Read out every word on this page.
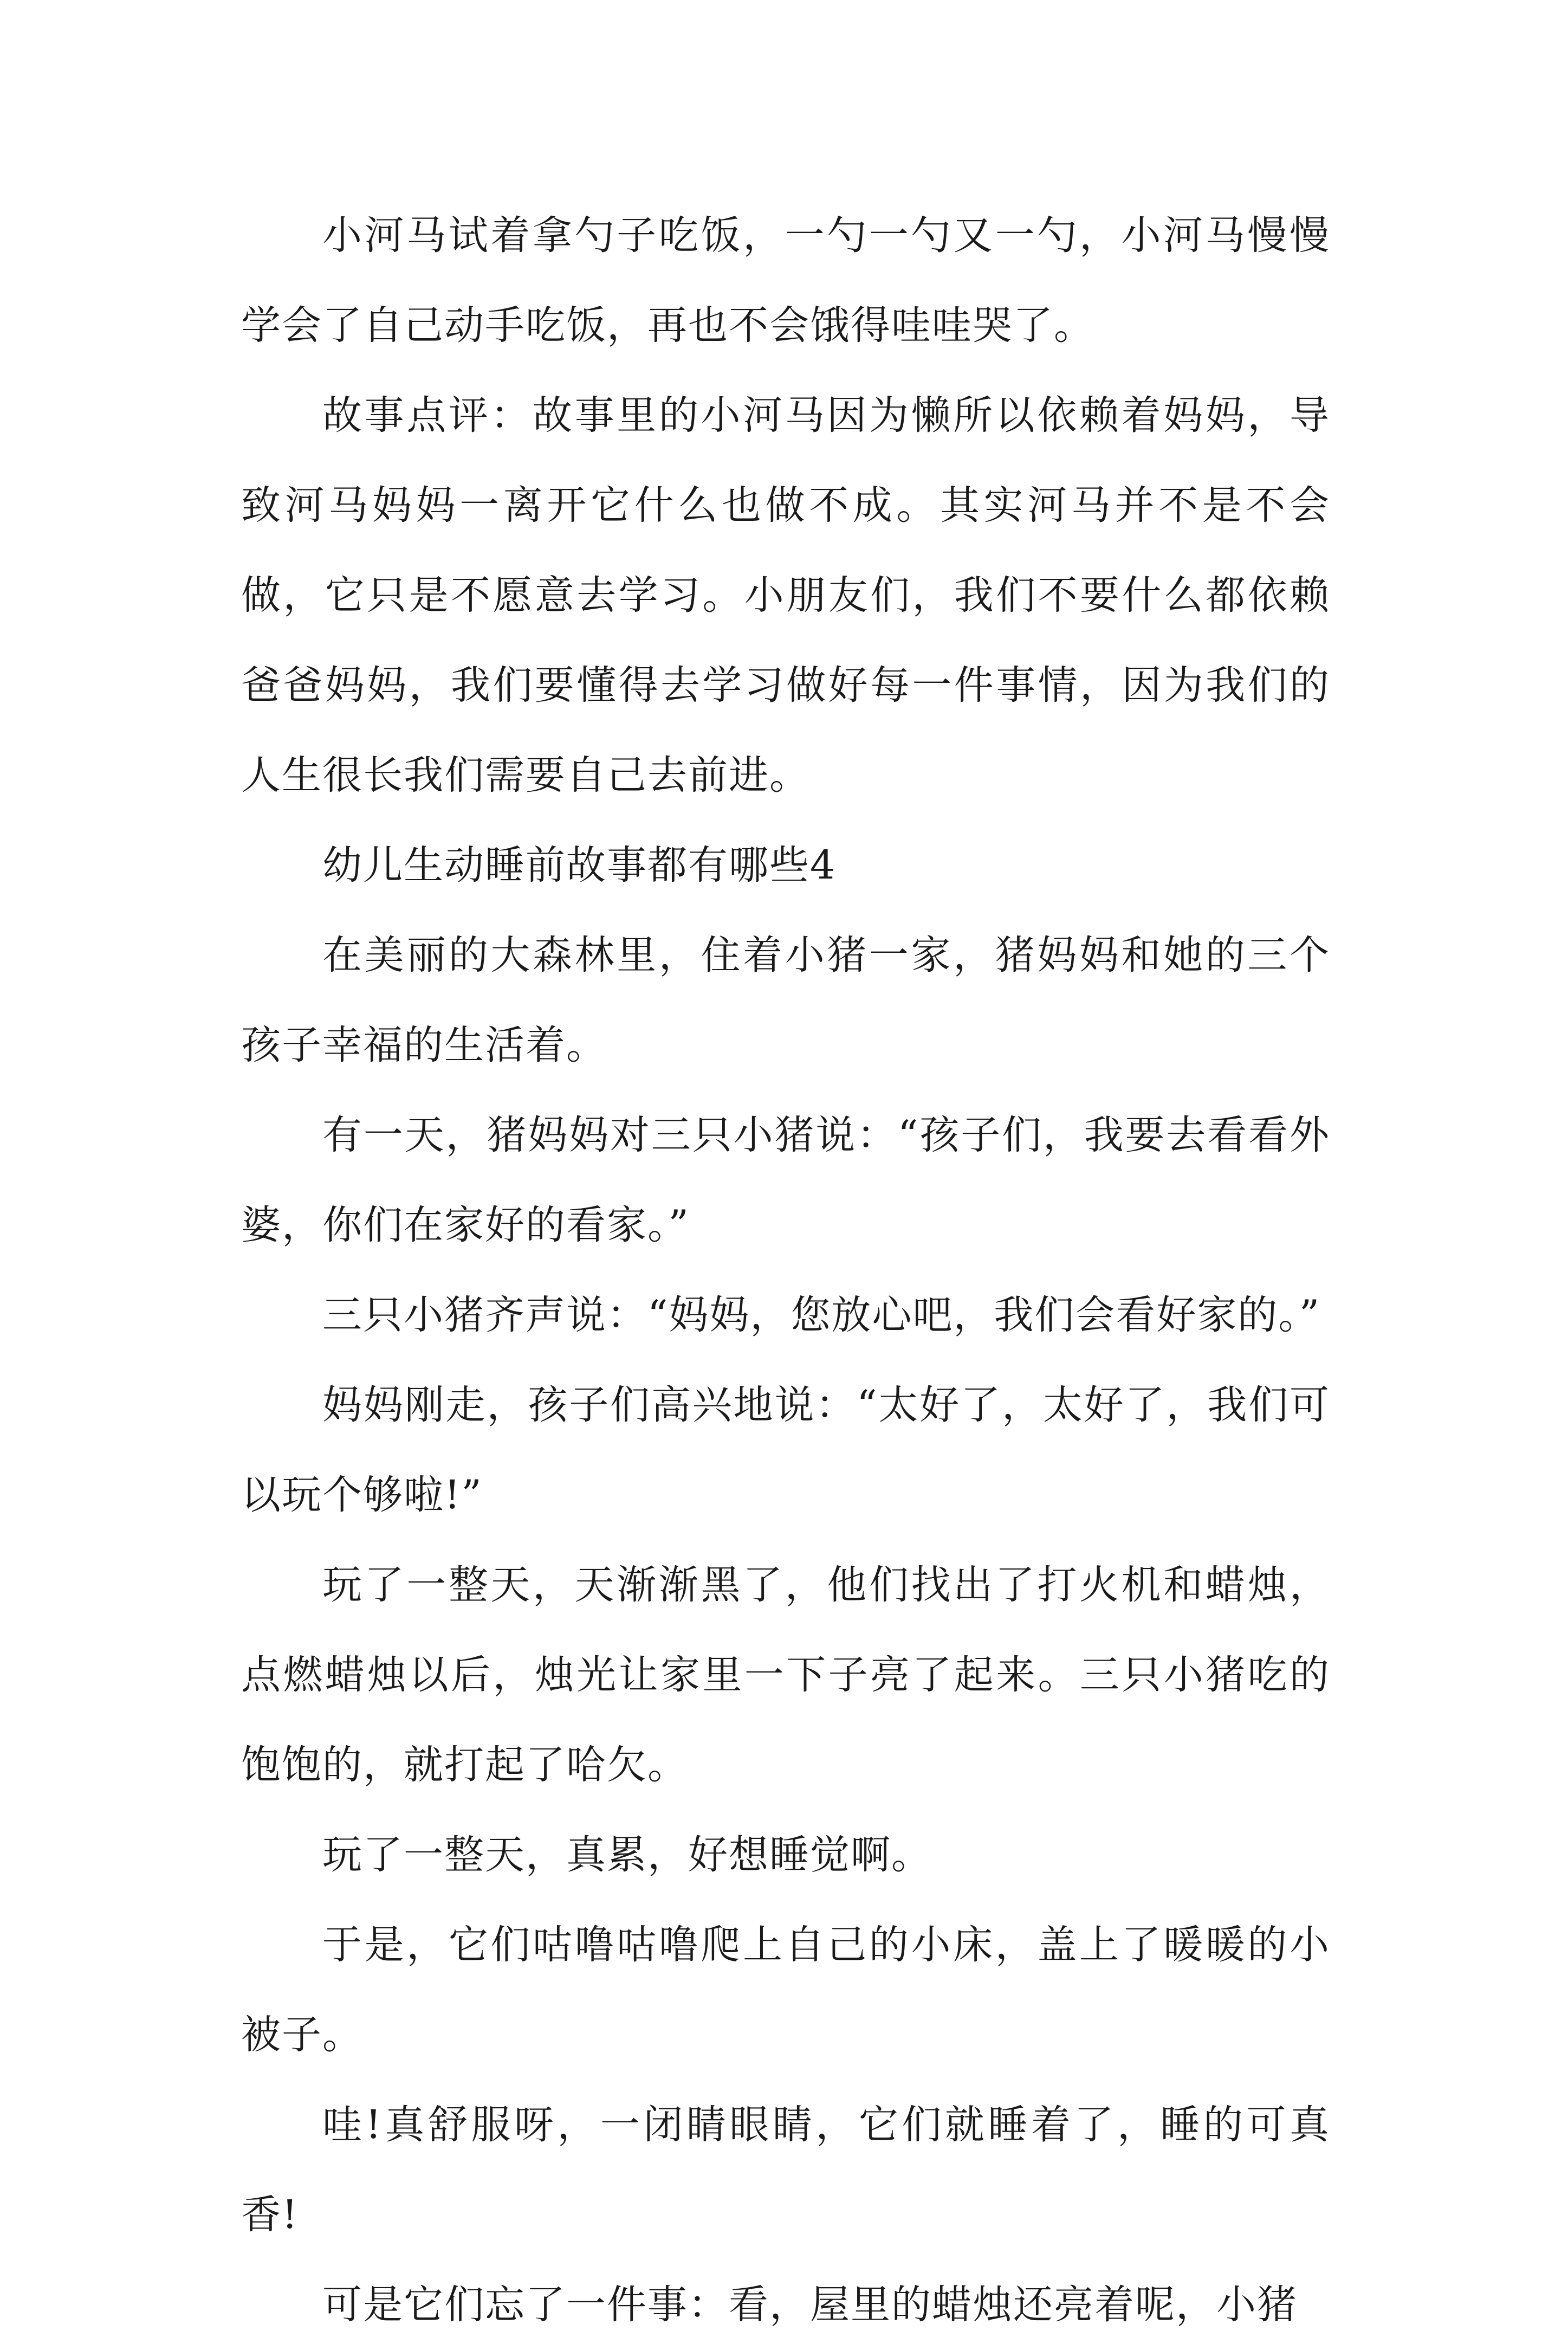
小河马试着拿勺子吃饭，一勺一勺又一勺，小河马慢慢学会了自己动手吃饭，再也不会饿得哇哇哭了。

故事点评：故事里的小河马因为懒所以依赖着妈妈，导致河马妈妈一离开它什么也做不成。其实河马并不是不会做，它只是不愿意去学习。小朋友们，我们不要什么都依赖爸爸妈妈，我们要懂得去学习做好每一件事情，因为我们的人生很长我们需要自己去前进。

幼儿生动睡前故事都有哪些4

在美丽的大森林里，住着小猪一家，猪妈妈和她的三个孩子幸福的生活着。

有一天，猪妈妈对三只小猪说：“孩子们，我要去看看外婆，你们在家好的看家。”

三只小猪齐声说：“妈妈，您放心吧，我们会看好家的。”

妈妈刚走，孩子们高兴地说：“太好了，太好了，我们可以玩个够啦!”

玩了一整天，天渐渐黑了，他们找出了打火机和蜡烛，点燃蜡烛以后，烛光让家里一下子亮了起来。三只小猪吃的饱饱的，就打起了哈欠。

玩了一整天，真累，好想睡觉啊。

于是，它们咕噜咕噜爬上自己的小床，盖上了暖暖的小被子。

哇!真舒服呀，一闭睛眼睛，它们就睡着了，睡的可真香!

可是它们忘了一件事：看，屋里的蜡烛还亮着呢，小猪
